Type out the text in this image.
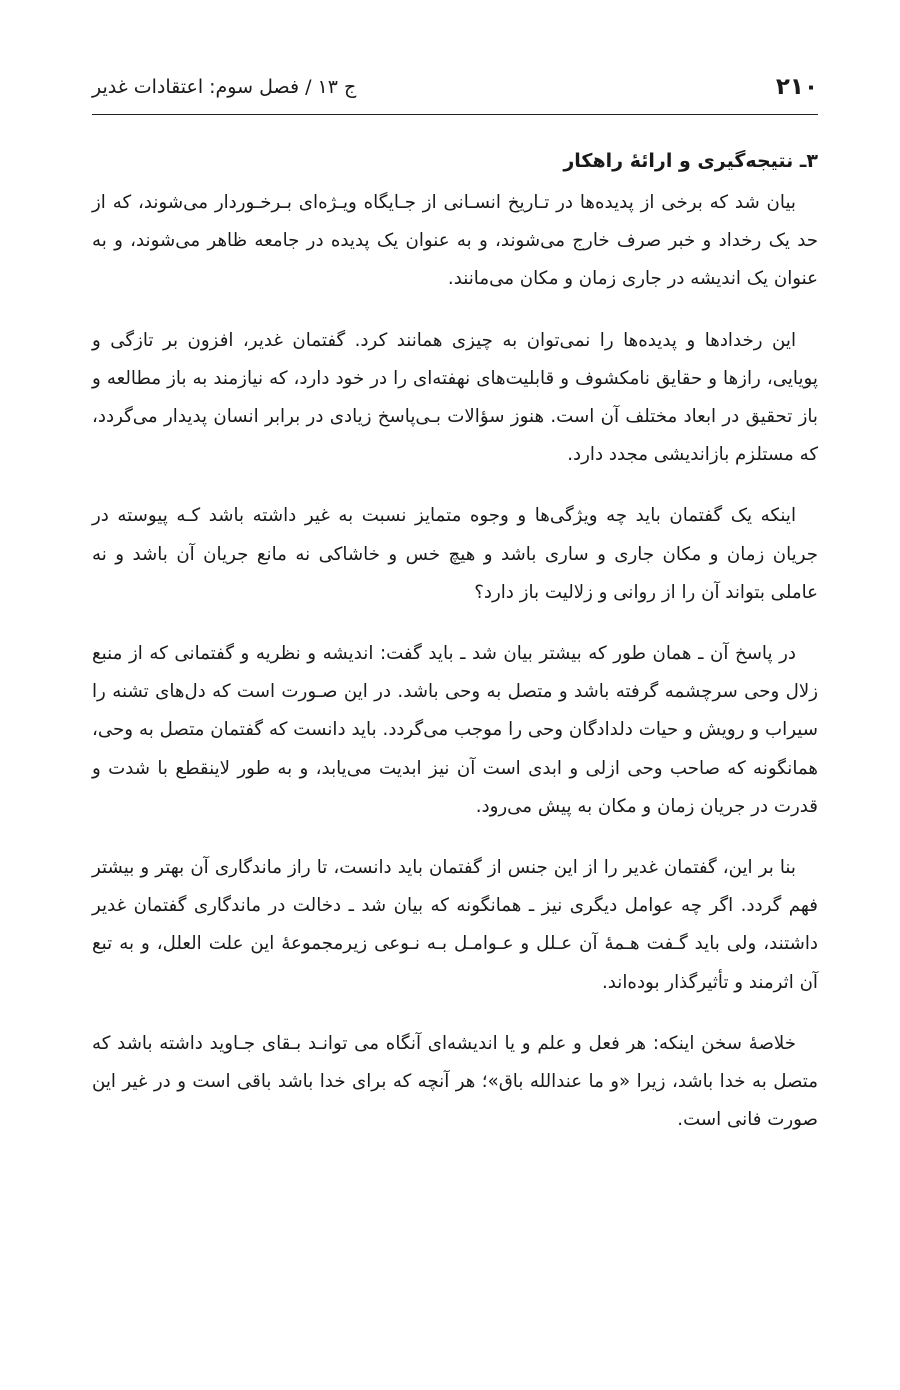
۲۱۰
ج ۱۳ / فصل سوم: اعتقادات غدیر
۳ـ نتیجه‌گیری و ارائۀ راهکار

بیان شد که برخی از پدیده‌ها در تـاریخ انسـانی از جـایگاه ویـژه‌ای بـرخـوردار می‌شوند، که از حد یک رخداد و خبر صرف خارج می‌شوند، و به عنوان یک پدیده در جامعه ظاهر می‌شوند، و به عنوان یک اندیشه در جاری زمان و مکان می‌مانند.

این رخدادها و پدیده‌ها را نمی‌توان به چیزی همانند کرد. گفتمان غدیر، افزون بر تازگی و پویایی، رازها و حقایق نامکشوف و قابلیت‌های نهفته‌ای را در خود دارد، که نیازمند به باز مطالعه و باز تحقیق در ابعاد مختلف آن است. هنوز سؤالات بـی‌پاسخ زیادی در برابر انسان پدیدار می‌گردد، که مستلزم بازاندیشی مجدد دارد.

اینکه یک گفتمان باید چه ویژگی‌ها و وجوه متمایز نسبت به غیر داشته باشد کـه پیوسته در جریان زمان و مکان جاری و ساری باشد و هیچ خس و خاشاکی نه مانع جریان آن باشد و نه عاملی بتواند آن را از روانی و زلالیت باز دارد؟

در پاسخ آن ـ همان طور که بیشتر بیان شد ـ باید گفت: اندیشه و نظریه و گفتمانی که از منبع زلال وحی سرچشمه گرفته باشد و متصل به وحی باشد. در این صـورت است که دل‌های تشنه را سیراب و رویش و حیات دلدادگان وحی را موجب می‌گردد. باید دانست که گفتمان متصل به وحی، همانگونه که صاحب وحی ازلی و ابدی است آن نیز ابدیت می‌یابد، و به طور لاینقطع با شدت و قدرت در جریان زمان و مکان به پیش می‌رود.

بنا بر این، گفتمان غدیر را از این جنس از گفتمان باید دانست، تا راز ماندگاری آن بهتر و بیشتر فهم گردد. اگر چه عوامل دیگری نیز ـ همانگونه که بیان شد ـ دخالت در ماندگاری گفتمان غدیر داشتند، ولی باید گـفت هـمۀ آن عـلل و عـوامـل بـه نـوعی زیرمجموعۀ این علت العلل، و به تبع آن اثرمند و تأثیرگذار بوده‌اند.

خلاصۀ سخن اینکه: هر فعل و علم و یا اندیشه‌ای آنگاه می توانـد بـقای جـاوید داشته باشد که متصل به خدا باشد، زیرا «و ما عندالله باق»؛ هر آنچه که برای خدا باشد باقی است و در غیر این صورت فانی است.
